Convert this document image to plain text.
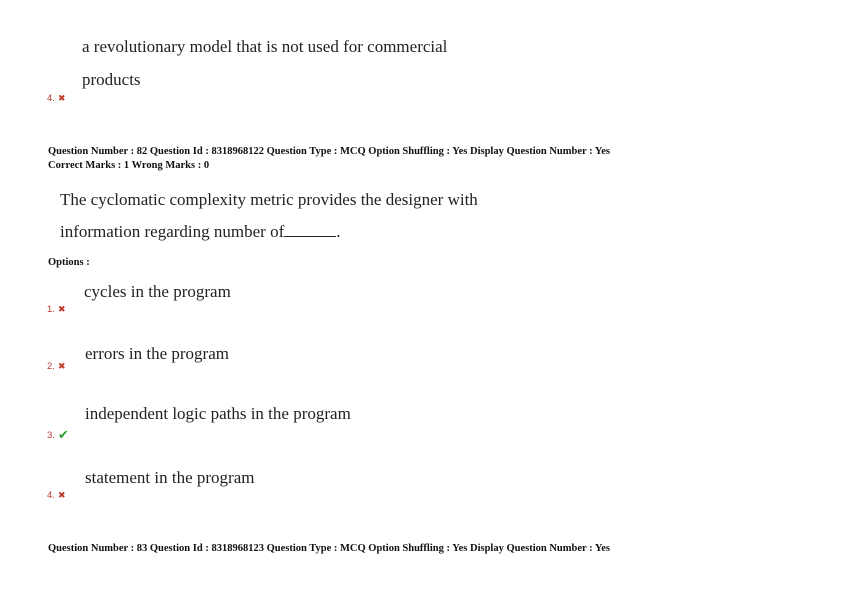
a revolutionary model that is not used for commercial
products
4. ✖
Question Number : 82 Question Id : 8318968122 Question Type : MCQ Option Shuffling : Yes Display Question Number : Yes
Correct Marks : 1 Wrong Marks : 0
The cyclomatic complexity metric provides the designer with
information regarding number of	.
Options :
cycles in the program
1. ✖
errors in the program
2. ✖
independent logic paths in the program
3. ✔
statement in the program
4. ✖
Question Number : 83 Question Id : 8318968123 Question Type : MCQ Option Shuffling : Yes Display Question Number : Yes
